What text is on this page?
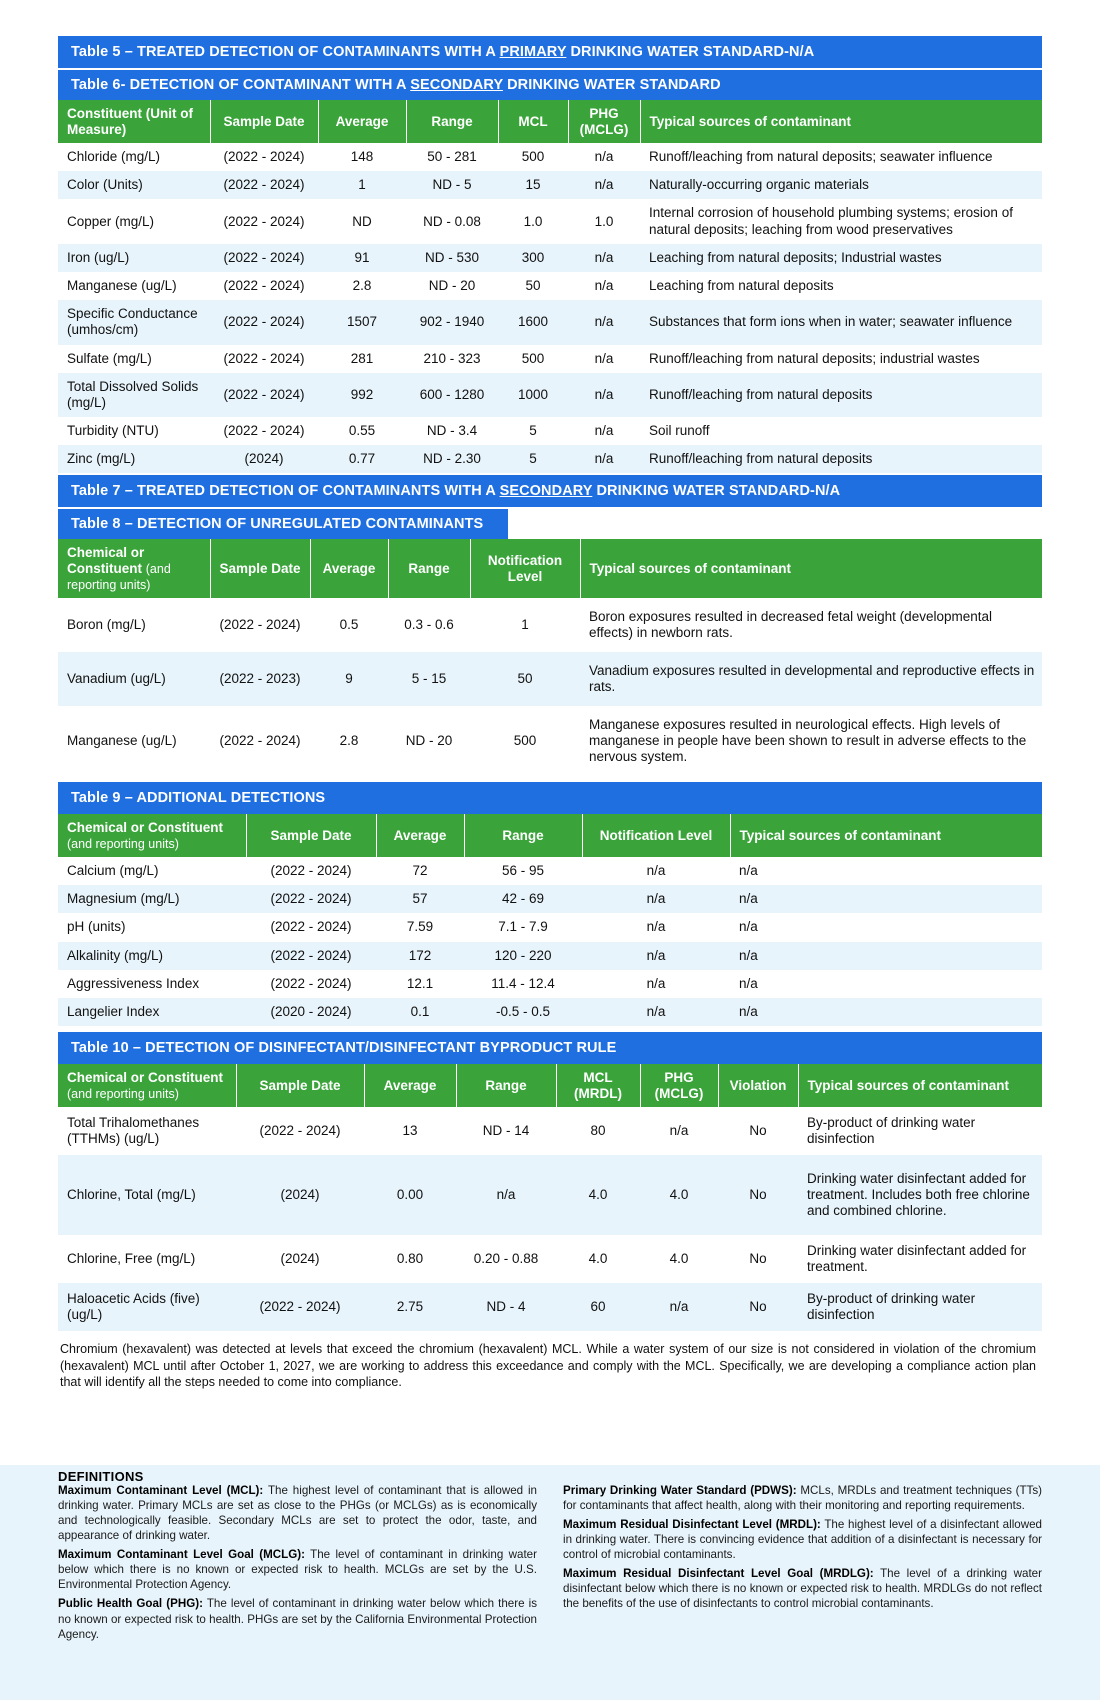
Table 5 – TREATED DETECTION OF CONTAMINANTS WITH A PRIMARY DRINKING WATER STANDARD-N/A
Table 6- DETECTION OF CONTAMINANT WITH A SECONDARY DRINKING WATER STANDARD
Constituent (Unit of Measure)	Sample Date	Average	Range	MCL	PHG (MCLG)	Typical sources of contaminant
Chloride (mg/L)	(2022 - 2024)	148	50 - 281	500	n/a	Runoff/leaching from natural deposits; seawater influence
Color (Units)	(2022 - 2024)	1	ND - 5	15	n/a	Naturally-occurring organic materials
Copper (mg/L)	(2022 - 2024)	ND	ND - 0.08	1.0	1.0	Internal corrosion of household plumbing systems; erosion of natural deposits; leaching from wood preservatives
Iron (ug/L)	(2022 - 2024)	91	ND - 530	300	n/a	Leaching from natural deposits; Industrial wastes
Manganese (ug/L)	(2022 - 2024)	2.8	ND - 20	50	n/a	Leaching from natural deposits
Specific Conductance (umhos/cm)	(2022 - 2024)	1507	902 - 1940	1600	n/a	Substances that form ions when in water; seawater influence
Sulfate (mg/L)	(2022 - 2024)	281	210 - 323	500	n/a	Runoff/leaching from natural deposits; industrial wastes
Total Dissolved Solids (mg/L)	(2022 - 2024)	992	600 - 1280	1000	n/a	Runoff/leaching from natural deposits
Turbidity (NTU)	(2022 - 2024)	0.55	ND - 3.4	5	n/a	Soil runoff
Zinc (mg/L)	(2024)	0.77	ND - 2.30	5	n/a	Runoff/leaching from natural deposits
Table 7 – TREATED DETECTION OF CONTAMINANTS WITH A SECONDARY DRINKING WATER STANDARD-N/A
Table 8 – DETECTION OF UNREGULATED CONTAMINANTS
Chemical or Constituent (and reporting units)	Sample Date	Average	Range	Notification Level	Typical sources of contaminant
Boron (mg/L)	(2022 - 2024)	0.5	0.3 - 0.6	1	Boron exposures resulted in decreased fetal weight (developmental effects) in newborn rats.
Vanadium (ug/L)	(2022 - 2023)	9	5 - 15	50	Vanadium exposures resulted in developmental and reproductive effects in rats.
Manganese (ug/L)	(2022 - 2024)	2.8	ND - 20	500	Manganese exposures resulted in neurological effects. High levels of manganese in people have been shown to result in adverse effects to the nervous system.
Table 9 – ADDITIONAL DETECTIONS
Chemical or Constituent
(and reporting units)	Sample Date	Average	Range	Notification Level	Typical sources of contaminant
Calcium (mg/L)	(2022 - 2024)	72	56 - 95	n/a	n/a
Magnesium (mg/L)	(2022 - 2024)	57	42 - 69	n/a	n/a
pH (units)	(2022 - 2024)	7.59	7.1 - 7.9	n/a	n/a
Alkalinity (mg/L)	(2022 - 2024)	172	120 - 220	n/a	n/a
Aggressiveness Index	(2022 - 2024)	12.1	11.4 - 12.4	n/a	n/a
Langelier Index	(2020 - 2024)	0.1	-0.5 - 0.5	n/a	n/a
Table 10 – DETECTION OF DISINFECTANT/DISINFECTANT BYPRODUCT RULE
Chemical or Constituent
(and reporting units)	Sample Date	Average	Range	MCL (MRDL)	PHG (MCLG)	Violation	Typical sources of contaminant
Total Trihalomethanes (TTHMs) (ug/L)	(2022 - 2024)	13	ND - 14	80	n/a	No	By-product of drinking water disinfection
Chlorine, Total (mg/L)	(2024)	0.00	n/a	4.0	4.0	No	Drinking water disinfectant added for treatment. Includes both free chlorine and combined chlorine.
Chlorine, Free (mg/L)	(2024)	0.80	0.20 - 0.88	4.0	4.0	No	Drinking water disinfectant added for treatment.
Haloacetic Acids (five) (ug/L)	(2022 - 2024)	2.75	ND - 4	60	n/a	No	By-product of drinking water disinfection
Chromium (hexavalent) was detected at levels that exceed the chromium (hexavalent) MCL. While a water system of our size is not considered in violation of the chromium (hexavalent) MCL until after October 1, 2027, we are working to address this exceedance and comply with the MCL. Specifically, we are developing a compliance action plan that will identify all the steps needed to come into compliance.
DEFINITIONS

Maximum Contaminant Level (MCL): The highest level of contaminant that is allowed in drinking water. Primary MCLs are set as close to the PHGs (or MCLGs) as is economically and technologically feasible. Secondary MCLs are set to protect the odor, taste, and appearance of drinking water.

Maximum Contaminant Level Goal (MCLG): The level of contaminant in drinking water below which there is no known or expected risk to health. MCLGs are set by the U.S. Environmental Protection Agency.

Public Health Goal (PHG): The level of contaminant in drinking water below which there is no known or expected risk to health. PHGs are set by the California Environmental Protection Agency.

Primary Drinking Water Standard (PDWS): MCLs, MRDLs and treatment techniques (TTs) for contaminants that affect health, along with their monitoring and reporting requirements.

Maximum Residual Disinfectant Level (MRDL): The highest level of a disinfectant allowed in drinking water. There is convincing evidence that addition of a disinfectant is necessary for control of microbial contaminants.

Maximum Residual Disinfectant Level Goal (MRDLG): The level of a drinking water disinfectant below which there is no known or expected risk to health. MRDLGs do not reflect the benefits of the use of disinfectants to control microbial contaminants.
